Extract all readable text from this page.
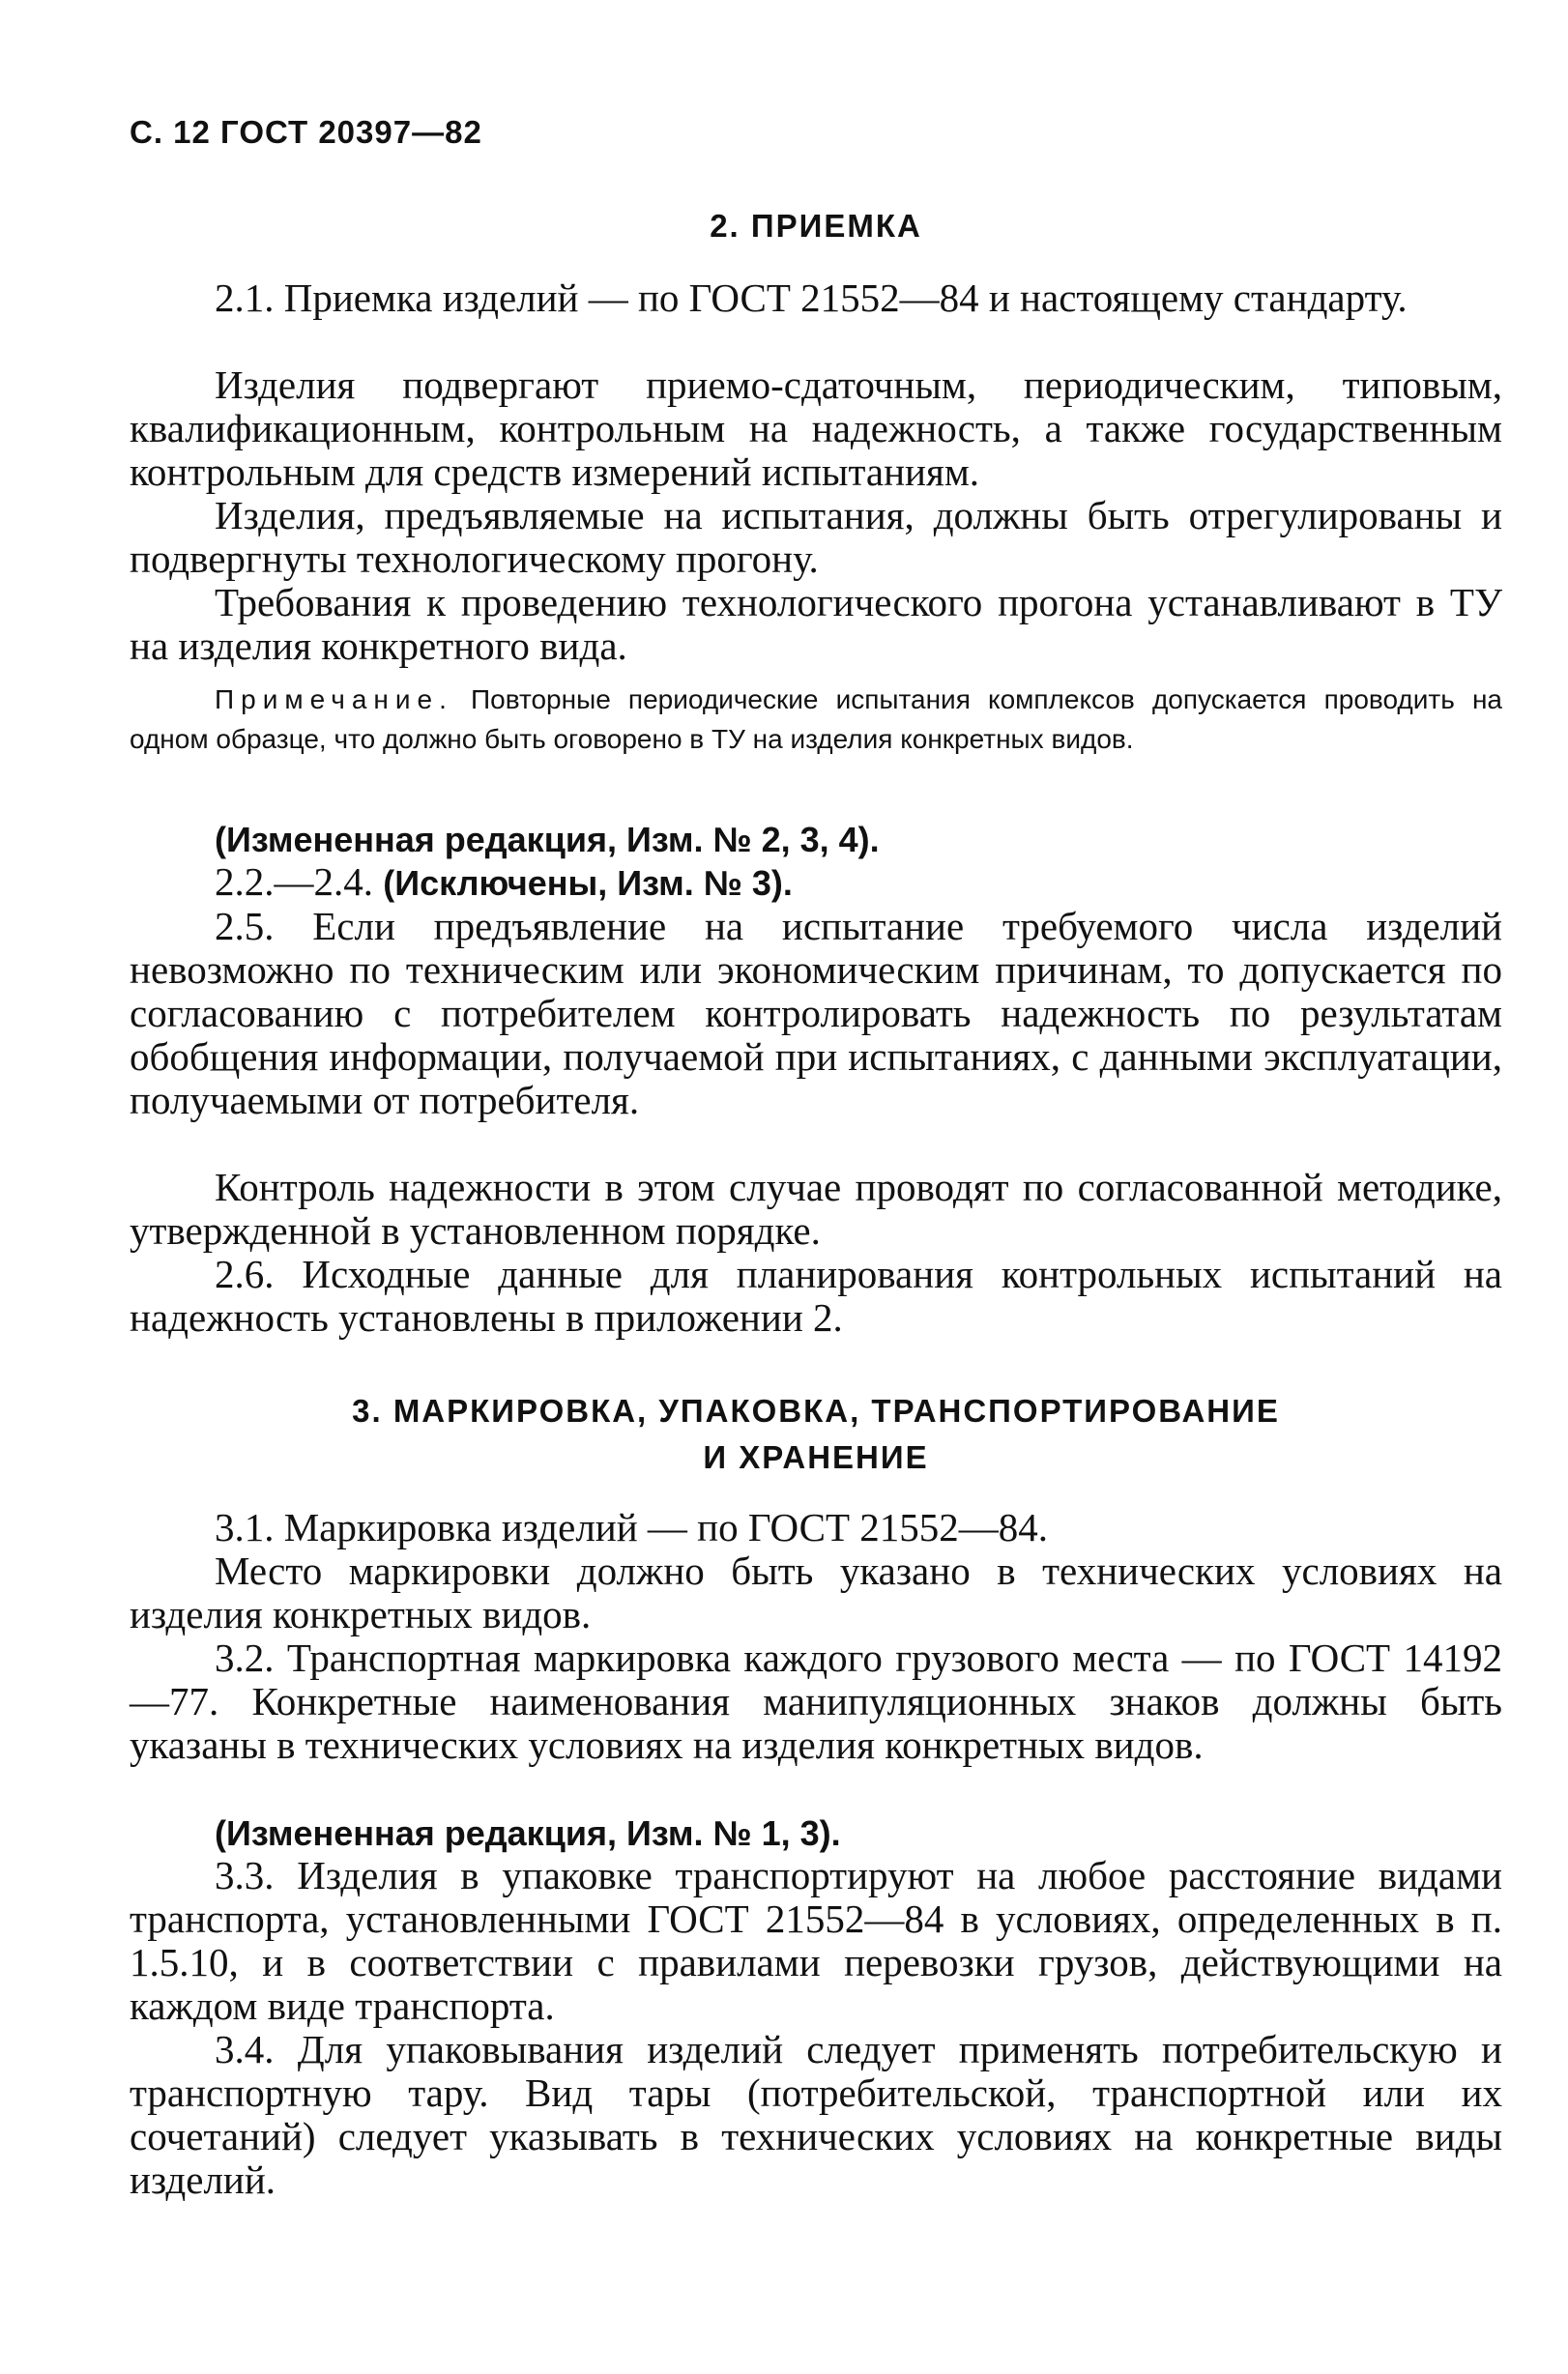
С. 12 ГОСТ 20397—82
2. ПРИЕМКА
2.1. Приемка изделий — по ГОСТ 21552—84 и настоящему стандарту.
Изделия подвергают приемо-сдаточным, периодическим, типовым, квалификационным, контрольным на надежность, а также государственным контрольным для средств измерений испытаниям.
Изделия, предъявляемые на испытания, должны быть отрегулированы и подвергнуты технологическому прогону.
Требования к проведению технологического прогона устанавливают в ТУ на изделия конкретного вида.
Примечание. Повторные периодические испытания комплексов допускается проводить на одном образце, что должно быть оговорено в ТУ на изделия конкретных видов.
(Измененная редакция, Изм. № 2, 3, 4).
2.2.—2.4. (Исключены, Изм. № 3).
2.5. Если предъявление на испытание требуемого числа изделий невозможно по техническим или экономическим причинам, то допускается по согласованию с потребителем контролировать надежность по результатам обобщения информации, получаемой при испытаниях, с данными эксплуатации, получаемыми от потребителя.
Контроль надежности в этом случае проводят по согласованной методике, утвержденной в установленном порядке.
2.6. Исходные данные для планирования контрольных испытаний на надежность установлены в приложении 2.
3. МАРКИРОВКА, УПАКОВКА, ТРАНСПОРТИРОВАНИЕ
И ХРАНЕНИЕ
3.1. Маркировка изделий — по ГОСТ 21552—84.
Место маркировки должно быть указано в технических условиях на изделия конкретных видов.
3.2. Транспортная маркировка каждого грузового места — по ГОСТ 14192—77. Конкретные наименования манипуляционных знаков должны быть указаны в технических условиях на изделия конкретных видов.
(Измененная редакция, Изм. № 1, 3).
3.3. Изделия в упаковке транспортируют на любое расстояние видами транспорта, установленными ГОСТ 21552—84 в условиях, определенных в п. 1.5.10, и в соответствии с правилами перевозки грузов, действующими на каждом виде транспорта.
3.4. Для упаковывания изделий следует применять потребительскую и транспортную тару. Вид тары (потребительской, транспортной или их сочетаний) следует указывать в технических условиях на конкретные виды изделий.
